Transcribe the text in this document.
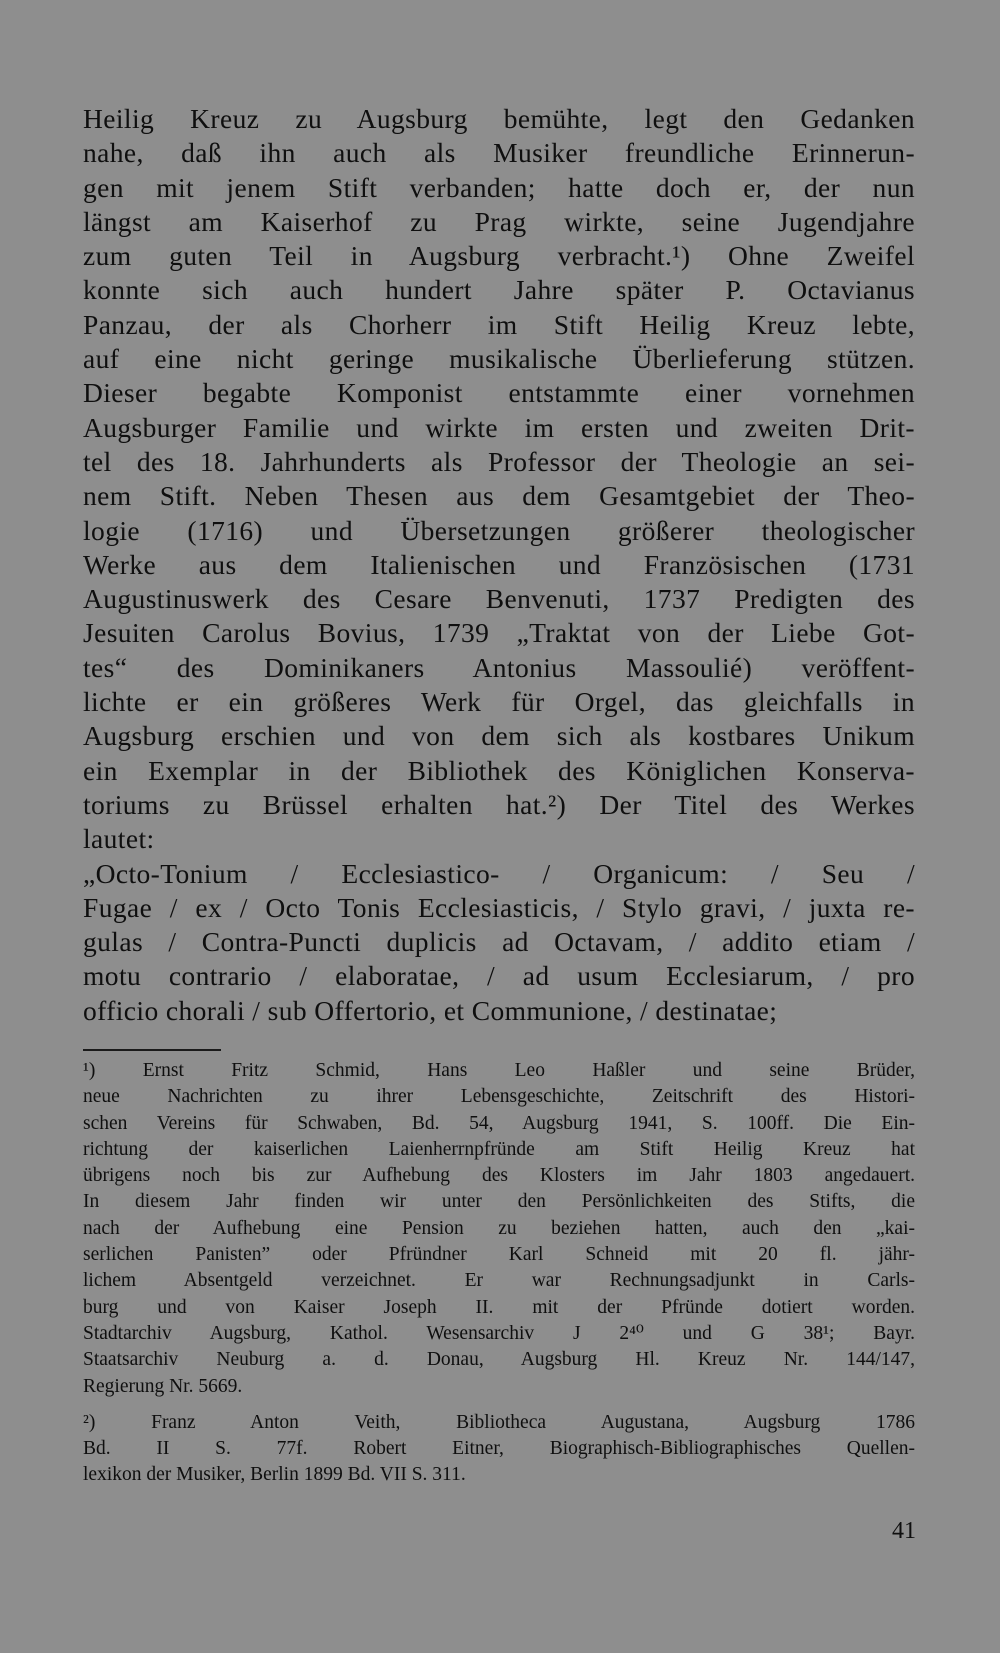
Heilig Kreuz zu Augsburg bemühte, legt den Gedanken
nahe, daß ihn auch als Musiker freundliche Erinnerun-
gen mit jenem Stift verbanden; hatte doch er, der nun
längst am Kaiserhof zu Prag wirkte, seine Jugendjahre
zum guten Teil in Augsburg verbracht.¹) Ohne Zweifel
konnte sich auch hundert Jahre später P. Octavianus
Panzau, der als Chorherr im Stift Heilig Kreuz lebte,
auf eine nicht geringe musikalische Überlieferung stützen.
Dieser begabte Komponist entstammte einer vornehmen
Augsburger Familie und wirkte im ersten und zweiten Drit-
tel des 18. Jahrhunderts als Professor der Theologie an sei-
nem Stift. Neben Thesen aus dem Gesamtgebiet der Theo-
logie (1716) und Übersetzungen größerer theologischer
Werke aus dem Italienischen und Französischen (1731
Augustinuswerk des Cesare Benvenuti, 1737 Predigten des
Jesuiten Carolus Bovius, 1739 „Traktat von der Liebe Got-
tes“ des Dominikaners Antonius Massoulié) veröffent-
lichte er ein größeres Werk für Orgel, das gleichfalls in
Augsburg erschien und von dem sich als kostbares Unikum
ein Exemplar in der Bibliothek des Königlichen Konserva-
toriums zu Brüssel erhalten hat.²) Der Titel des Werkes
lautet:
„Octo-Tonium / Ecclesiastico- / Organicum: / Seu /
Fugae / ex / Octo Tonis Ecclesiasticis, / Stylo gravi, / juxta re-
gulas / Contra-Puncti duplicis ad Octavam, / addito etiam /
motu contrario / elaboratae, / ad usum Ecclesiarum, / pro
officio chorali / sub Offertorio, et Communione, / destinatae;
¹) Ernst Fritz Schmid, Hans Leo Haßler und seine Brüder,
neue Nachrichten zu ihrer Lebensgeschichte, Zeitschrift des Histori-
schen Vereins für Schwaben, Bd. 54, Augsburg 1941, S. 100ff. Die Ein-
richtung der kaiserlichen Laienherrnpfründe am Stift Heilig Kreuz hat
übrigens noch bis zur Aufhebung des Klosters im Jahr 1803 angedauert.
In diesem Jahr finden wir unter den Persönlichkeiten des Stifts, die
nach der Aufhebung eine Pension zu beziehen hatten, auch den „kai-
serlichen Panisten” oder Pfründner Karl Schneid mit 20 fl. jähr-
lichem Absentgeld verzeichnet. Er war Rechnungsadjunkt in Carls-
burg und von Kaiser Joseph II. mit der Pfründe dotiert worden.
Stadtarchiv Augsburg, Kathol. Wesensarchiv J 2⁴⁰ und G 38¹; Bayr.
Staatsarchiv Neuburg a. d. Donau, Augsburg Hl. Kreuz Nr. 144/147,
Regierung Nr. 5669.
²) Franz Anton Veith, Bibliotheca Augustana, Augsburg 1786
Bd. II S. 77f. Robert Eitner, Biographisch-Bibliographisches Quellen-
lexikon der Musiker, Berlin 1899 Bd. VII S. 311.
41
